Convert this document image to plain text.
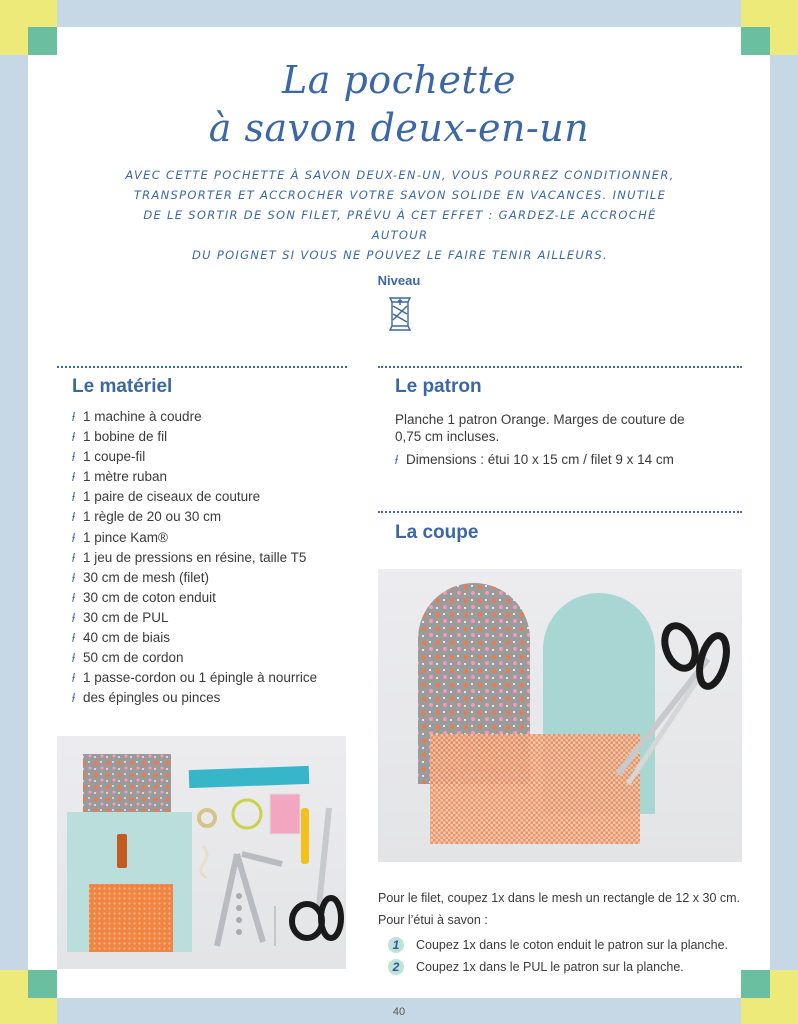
La pochette
à savon deux-en-un
AVEC CETTE POCHETTE À SAVON DEUX-EN-UN, VOUS POURREZ CONDITIONNER,
TRANSPORTER ET ACCROCHER VOTRE SAVON SOLIDE EN VACANCES. INUTILE
DE LE SORTIR DE SON FILET, PRÉVU À CET EFFET : GARDEZ-LE ACCROCHÉ AUTOUR
DU POIGNET SI VOUS NE POUVEZ LE FAIRE TENIR AILLEURS.
Niveau
Le matériel
ƚ 1 machine à coudre
ƚ 1 bobine de fil
ƚ 1 coupe-fil
ƚ 1 mètre ruban
ƚ 1 paire de ciseaux de couture
ƚ 1 règle de 20 ou 30 cm
ƚ 1 pince Kam®
ƚ 1 jeu de pressions en résine, taille T5
ƚ 30 cm de mesh (filet)
ƚ 30 cm de coton enduit
ƚ 30 cm de PUL
ƚ 40 cm de biais
ƚ 50 cm de cordon
ƚ 1 passe-cordon ou 1 épingle à nourrice
ƚ des épingles ou pinces
Le patron
Planche 1 patron Orange. Marges de couture de
0,75 cm incluses.
ƚ Dimensions : étui 10 x 15 cm / filet 9 x 14 cm
La coupe
Pour le filet, coupez 1x dans le mesh un rectangle de 12 x 30 cm.
Pour l’étui à savon :
1 Coupez 1x dans le coton enduit le patron sur la planche.
2 Coupez 1x dans le PUL le patron sur la planche.
40
